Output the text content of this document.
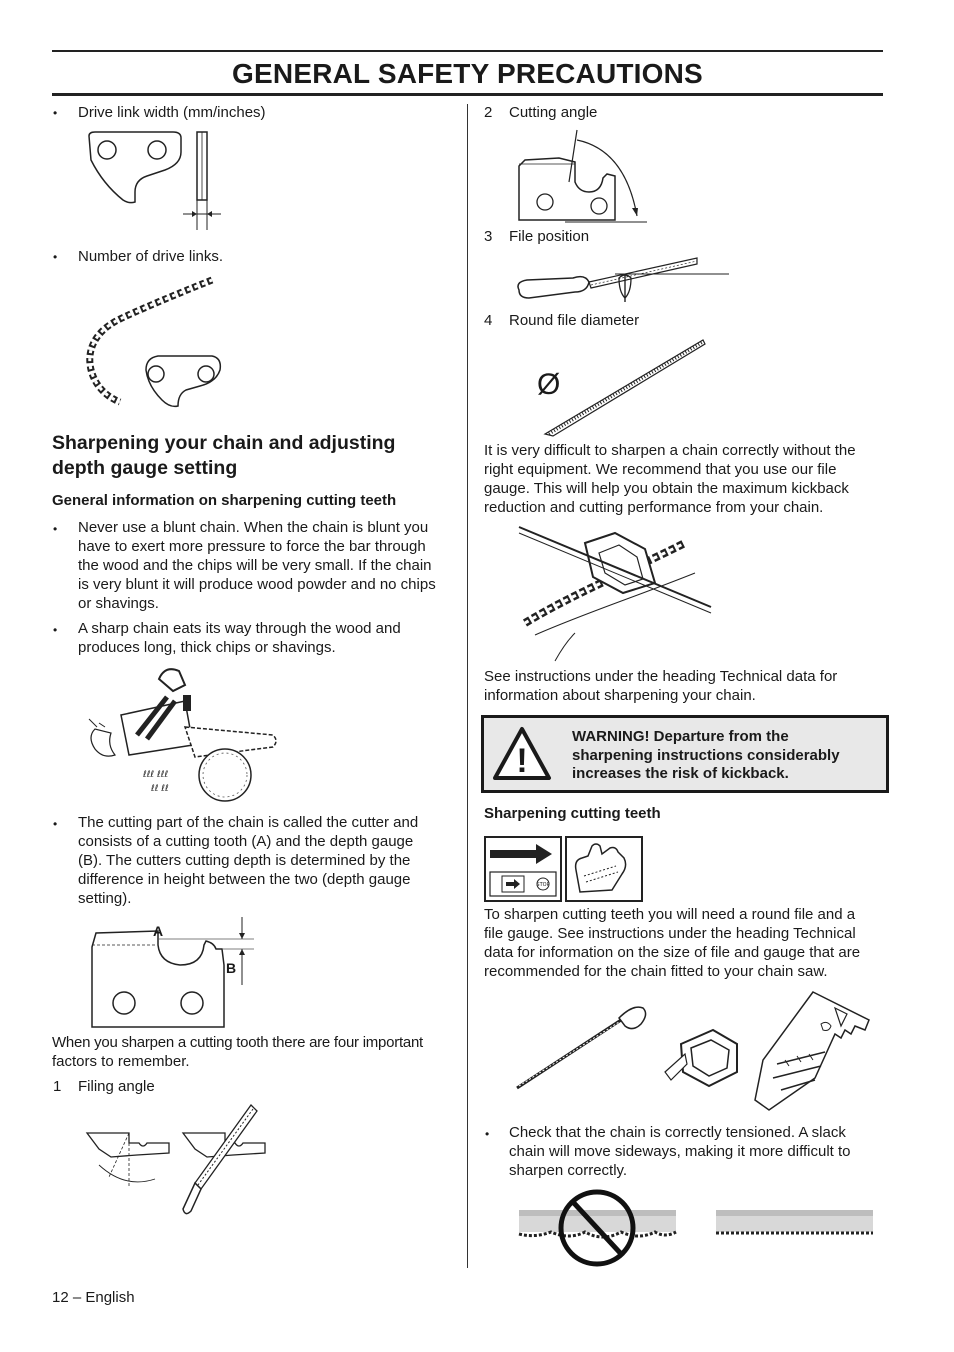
GENERAL SAFETY PRECAUTIONS
• Drive link width (mm/inches)
• Number of drive links.
Sharpening your chain and adjusting
depth gauge setting
General information on sharpening cutting teeth
• Never use a blunt chain. When the chain is blunt you
have to exert more pressure to force the bar through
the wood and the chips will be very small. If the chain
is very blunt it will produce wood powder and no chips
or shavings.
• A sharp chain eats its way through the wood and
produces long, thick chips or shavings.
ℓℓℓ ℓℓℓ
ℓℓ ℓℓ
• The cutting part of the chain is called the cutter and
consists of a cutting tooth (A) and the depth gauge
(B). The cutters cutting depth is determined by the
difference in height between the two (depth gauge
setting).
A
B
When you sharpen a cutting tooth there are four important
factors to remember.
1 Filing angle
2 Cutting angle
3 File position
4 Round file diameter
Ø
It is very difficult to sharpen a chain correctly without the
right equipment. We recommend that you use our file
gauge. This will help you obtain the maximum kickback
reduction and cutting performance from your chain.
See instructions under the heading Technical data for
information about sharpening your chain.
!
WARNING! Departure from the
sharpening instructions considerably
increases the risk of kickback.
Sharpening cutting teeth
STOP
To sharpen cutting teeth you will need a round file and a
file gauge. See instructions under the heading Technical
data for information on the size of file and gauge that are
recommended for the chain fitted to your chain saw.
• Check that the chain is correctly tensioned. A slack
chain will move sideways, making it more difficult to
sharpen correctly.
12 – English
